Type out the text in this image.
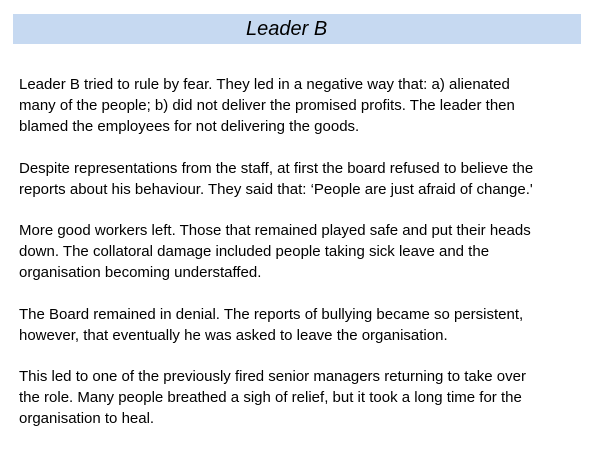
Leader B

Leader B tried to rule by fear. They led in a negative way that: a) alienated
many of the people; b) did not deliver the promised profits. The leader then
blamed the employees for not delivering the goods.

Despite representations from the staff, at first the board refused to believe the
reports about his behaviour. They said that: ‘People are just afraid of change.'

More good workers left. Those that remained played safe and put their heads
down. The collatoral damage included people taking sick leave and the
organisation becoming understaffed.

The Board remained in denial. The reports of bullying became so persistent,
however, that eventually he was asked to leave the organisation.

This led to one of the previously fired senior managers returning to take over
the role. Many people breathed a sigh of relief, but it took a long time for the
organisation to heal.
